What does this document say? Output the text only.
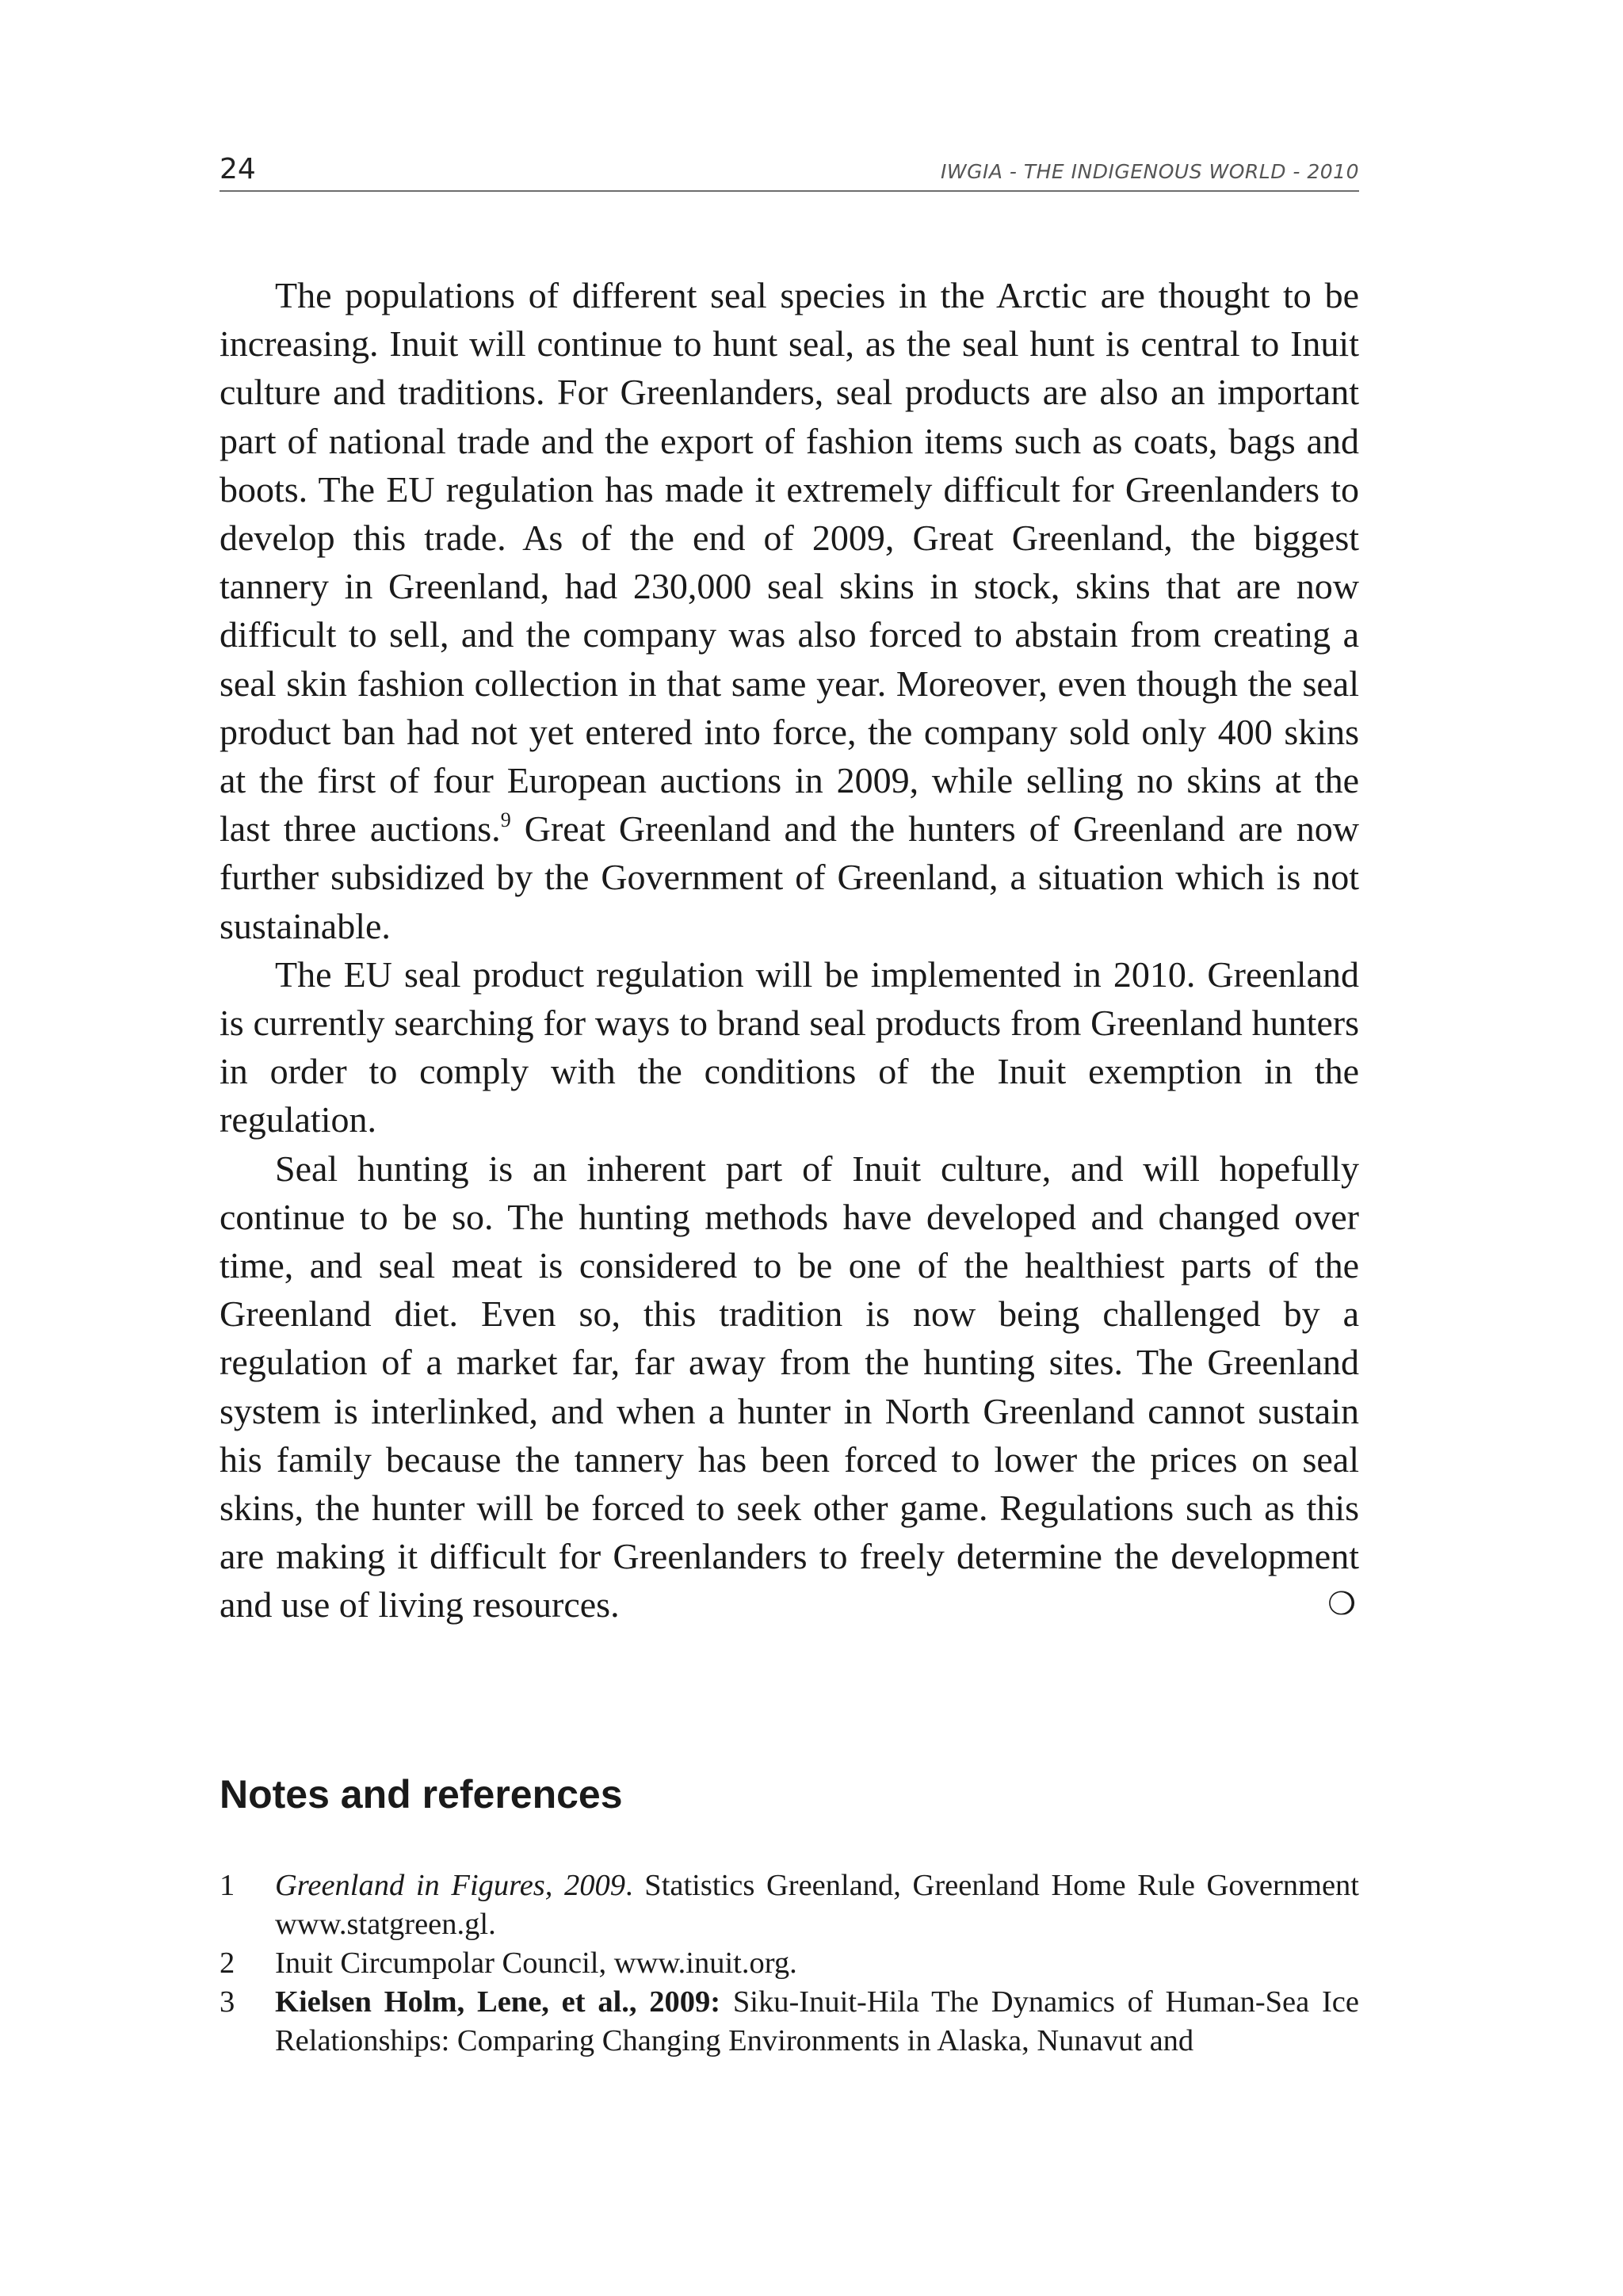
24	IWGIA - THE INDIGENOUS WORLD - 2010

The populations of different seal species in the Arctic are thought to be increasing. Inuit will continue to hunt seal, as the seal hunt is central to Inuit culture and traditions. For Greenlanders, seal products are also an important part of national trade and the export of fashion items such as coats, bags and boots. The EU regulation has made it extremely difficult for Greenlanders to develop this trade. As of the end of 2009, Great Greenland, the biggest tannery in Greenland, had 230,000 seal skins in stock, skins that are now difficult to sell, and the company was also forced to abstain from creating a seal skin fashion collection in that same year. Moreover, even though the seal product ban had not yet entered into force, the company sold only 400 skins at the first of four European auctions in 2009, while selling no skins at the last three auctions.$^9$ Great Greenland and the hunters of Greenland are now further subsidized by the Government of Greenland, a situation which is not sustainable.

The EU seal product regulation will be implemented in 2010. Greenland is currently searching for ways to brand seal products from Greenland hunters in order to comply with the conditions of the Inuit exemption in the regulation.

Seal hunting is an inherent part of Inuit culture, and will hopefully continue to be so. The hunting methods have developed and changed over time, and seal meat is considered to be one of the healthiest parts of the Greenland diet. Even so, this tradition is now being challenged by a regulation of a market far, far away from the hunting sites. The Greenland system is interlinked, and when a hunter in North Greenland cannot sustain his family because the tannery has been forced to lower the prices on seal skins, the hunter will be forced to seek other game. Regulations such as this are making it difficult for Greenlanders to freely determine the development and use of living resources.	❍

Notes and references
1 Greenland in Figures, 2009. Statistics Greenland, Greenland Home Rule Government www.statgreen.gl.
2 Inuit Circumpolar Council, www.inuit.org.
3 Kielsen Holm, Lene, et al., 2009: Siku-Inuit-Hila The Dynamics of Human-Sea Ice Relationships: Comparing Changing Environments in Alaska, Nunavut and
